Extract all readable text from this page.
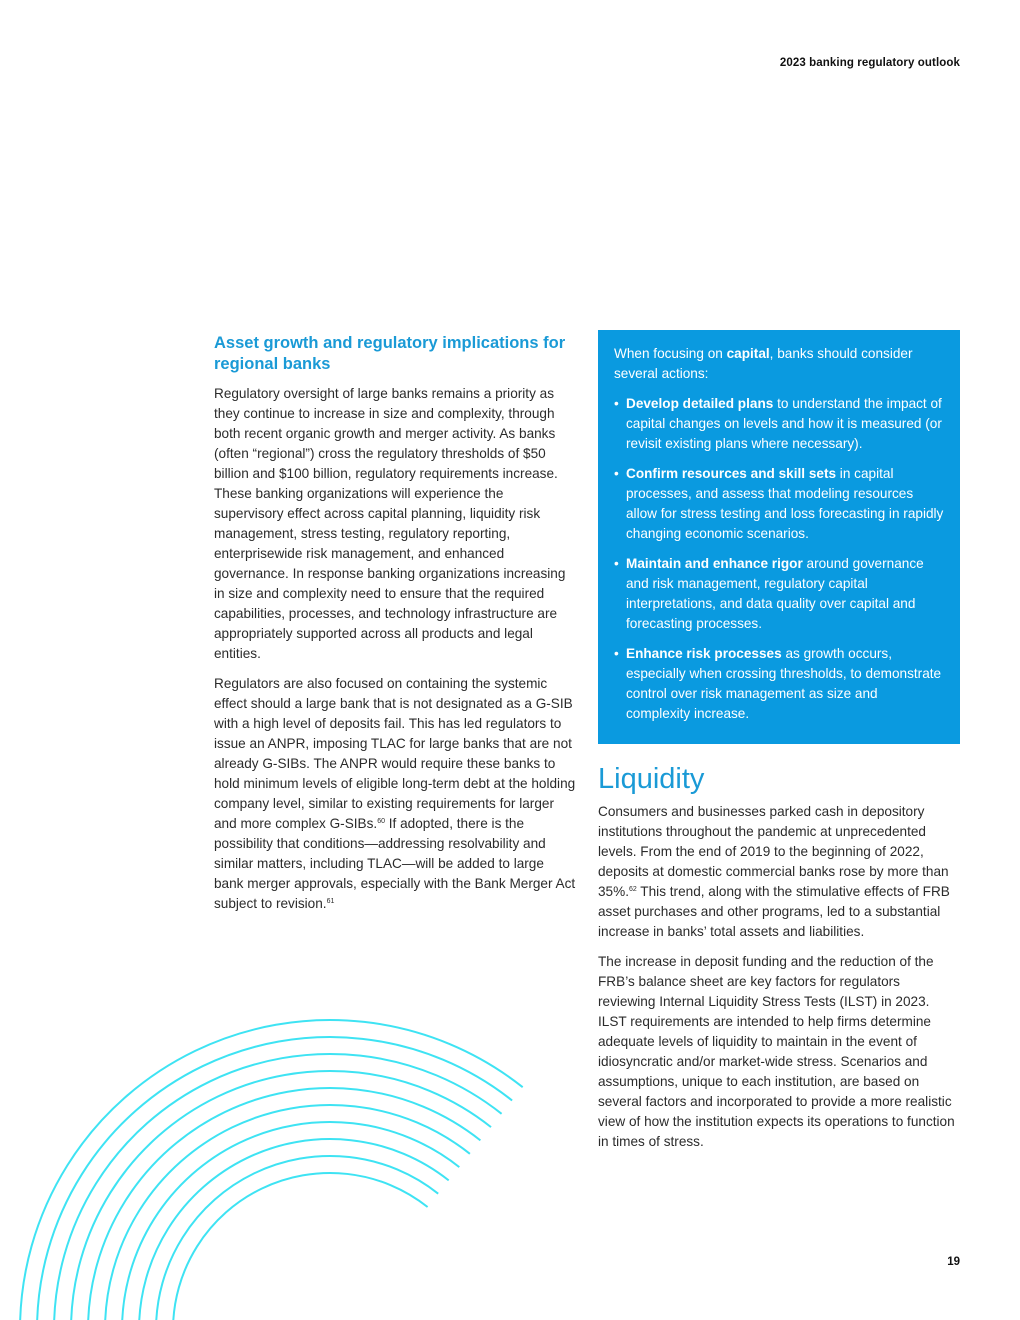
2023 banking regulatory outlook
Asset growth and regulatory implications for regional banks

Regulatory oversight of large banks remains a priority as they continue to increase in size and complexity, through both recent organic growth and merger activity. As banks (often “regional”) cross the regulatory thresholds of $50 billion and $100 billion, regulatory requirements increase. These banking organizations will experience the supervisory effect across capital planning, liquidity risk management, stress testing, regulatory reporting, enterprisewide risk management, and enhanced governance. In response banking organizations increasing in size and complexity need to ensure that the required capabilities, processes, and technology infrastructure are appropriately supported across all products and legal entities.

Regulators are also focused on containing the systemic effect should a large bank that is not designated as a G-SIB with a high level of deposits fail. This has led regulators to issue an ANPR, imposing TLAC for large banks that are not already G-SIBs. The ANPR would require these banks to hold minimum levels of eligible long-term debt at the holding company level, similar to existing requirements for larger and more complex G-SIBs.$^{60}$ If adopted, there is the possibility that conditions—addressing resolvability and similar matters, including TLAC—will be added to large bank merger approvals, especially with the Bank Merger Act subject to revision.$^{61}$

When focusing on capital, banks should consider several actions:

• Develop detailed plans to understand the impact of capital changes on levels and how it is measured (or revisit existing plans where necessary).
• Confirm resources and skill sets in capital processes, and assess that modeling resources allow for stress testing and loss forecasting in rapidly changing economic scenarios.
• Maintain and enhance rigor around governance and risk management, regulatory capital interpretations, and data quality over capital and forecasting processes.
• Enhance risk processes as growth occurs, especially when crossing thresholds, to demonstrate control over risk management as size and complexity increase.
Liquidity

Consumers and businesses parked cash in depository institutions throughout the pandemic at unprecedented levels. From the end of 2019 to the beginning of 2022, deposits at domestic commercial banks rose by more than 35%.$^{62}$ This trend, along with the stimulative effects of FRB asset purchases and other programs, led to a substantial increase in banks’ total assets and liabilities.

The increase in deposit funding and the reduction of the FRB’s balance sheet are key factors for regulators reviewing Internal Liquidity Stress Tests (ILST) in 2023. ILST requirements are intended to help firms determine adequate levels of liquidity to maintain in the event of idiosyncratic and/or market-wide stress. Scenarios and assumptions, unique to each institution, are based on several factors and incorporated to provide a more realistic view of how the institution expects its operations to function in times of stress.

19
